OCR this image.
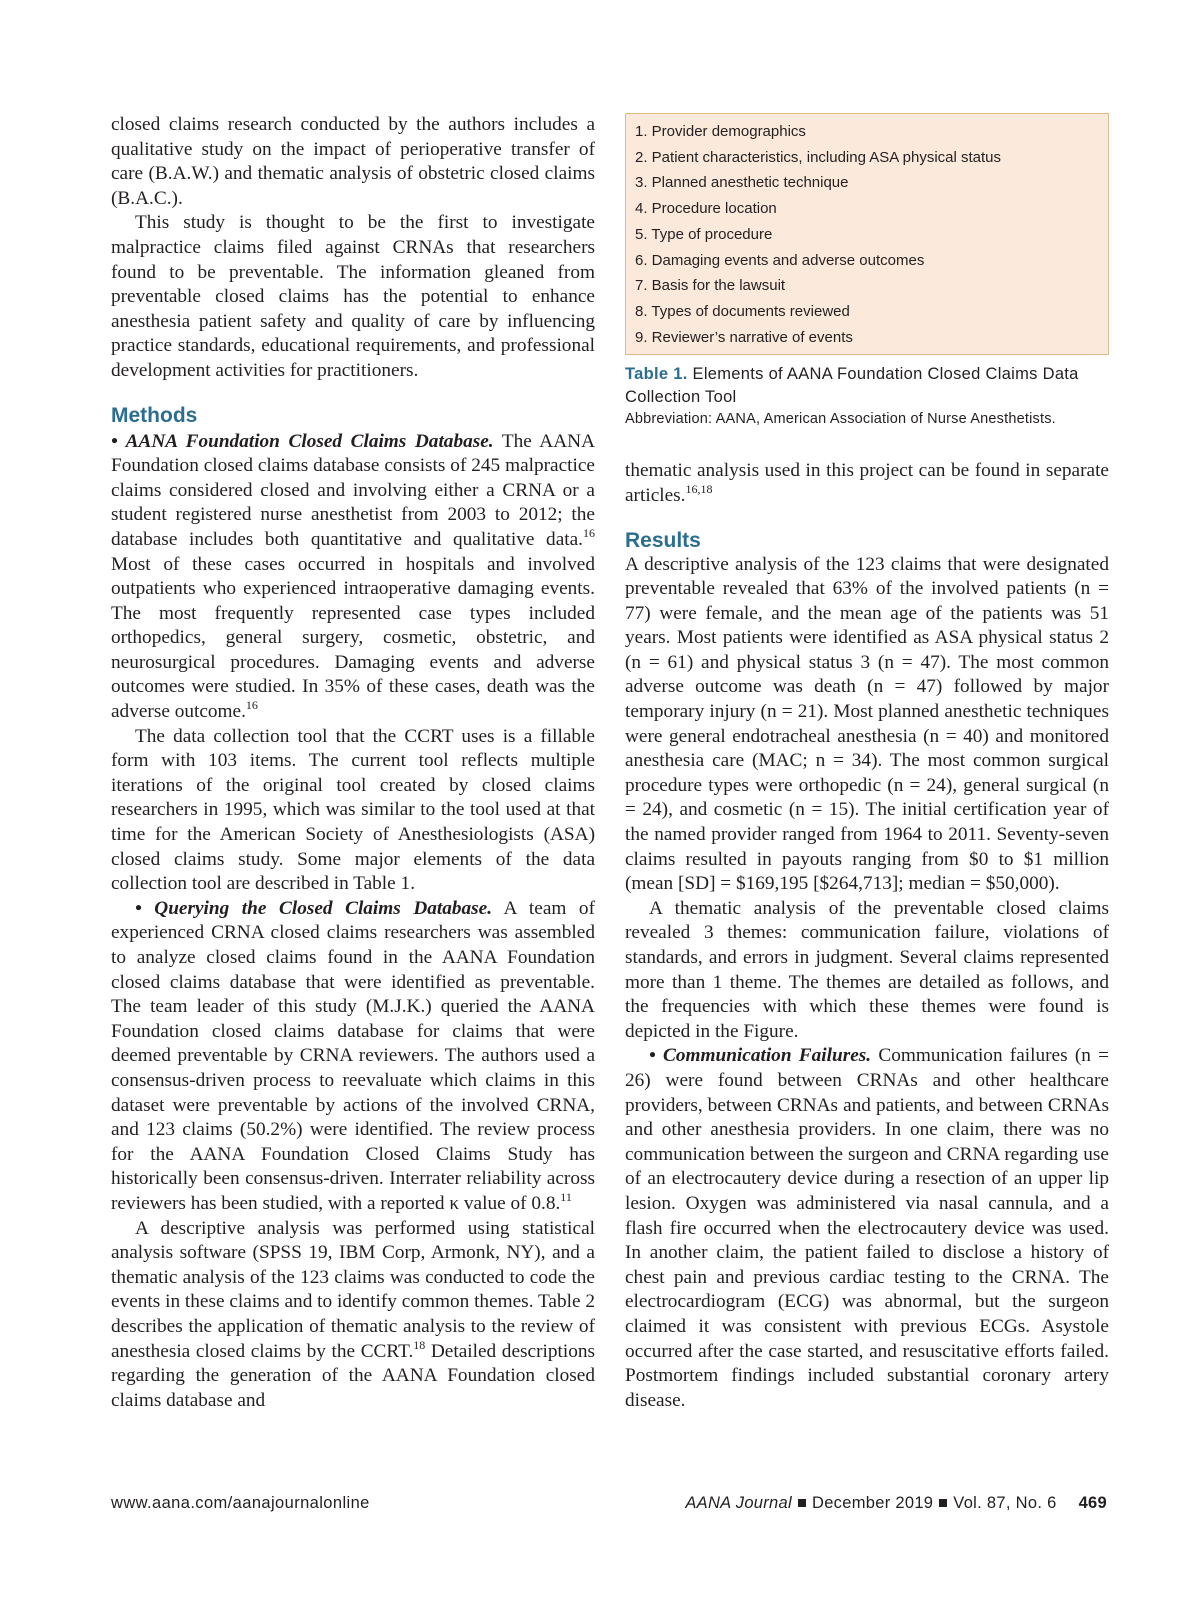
closed claims research conducted by the authors includes a qualitative study on the impact of perioperative transfer of care (B.A.W.) and thematic analysis of obstetric closed claims (B.A.C.).

This study is thought to be the first to investigate malpractice claims filed against CRNAs that researchers found to be preventable. The information gleaned from preventable closed claims has the potential to enhance anesthesia patient safety and quality of care by influencing practice standards, educational requirements, and professional development activities for practitioners.

Methods

• AANA Foundation Closed Claims Database. The AANA Foundation closed claims database consists of 245 malpractice claims considered closed and involving either a CRNA or a student registered nurse anesthetist from 2003 to 2012; the database includes both quantitative and qualitative data.$^{16}$ Most of these cases occurred in hospitals and involved outpatients who experienced intraoperative damaging events. The most frequently represented case types included orthopedics, general surgery, cosmetic, obstetric, and neurosurgical procedures. Damaging events and adverse outcomes were studied. In 35% of these cases, death was the adverse outcome.$^{16}$

The data collection tool that the CCRT uses is a fillable form with 103 items. The current tool reflects multiple iterations of the original tool created by closed claims researchers in 1995, which was similar to the tool used at that time for the American Society of Anesthesiologists (ASA) closed claims study. Some major elements of the data collection tool are described in Table 1.

• Querying the Closed Claims Database. A team of experienced CRNA closed claims researchers was assembled to analyze closed claims found in the AANA Foundation closed claims database that were identified as preventable. The team leader of this study (M.J.K.) queried the AANA Foundation closed claims database for claims that were deemed preventable by CRNA reviewers. The authors used a consensus-driven process to reevaluate which claims in this dataset were preventable by actions of the involved CRNA, and 123 claims (50.2%) were identified. The review process for the AANA Foundation Closed Claims Study has historically been consensus-driven. Interrater reliability across reviewers has been studied, with a reported κ value of 0.8.11

A descriptive analysis was performed using statistical analysis software (SPSS 19, IBM Corp, Armonk, NY), and a thematic analysis of the 123 claims was conducted to code the events in these claims and to identify common themes. Table 2 describes the application of thematic analysis to the review of anesthesia closed claims by the CCRT.$^{18}$ Detailed descriptions regarding the generation of the AANA Foundation closed claims database and

1. Provider demographics
2. Patient characteristics, including ASA physical status
3. Planned anesthetic technique
4. Procedure location
5. Type of procedure
6. Damaging events and adverse outcomes
7. Basis for the lawsuit
8. Types of documents reviewed
9. Reviewer’s narrative of events
Table 1. Elements of AANA Foundation Closed Claims Data Collection Tool
Abbreviation: AANA, American Association of Nurse Anesthetists.

thematic analysis used in this project can be found in separate articles.$^{16,18}$

Results

A descriptive analysis of the 123 claims that were designated preventable revealed that 63% of the involved patients (n = 77) were female, and the mean age of the patients was 51 years. Most patients were identified as ASA physical status 2 (n = 61) and physical status 3 (n = 47). The most common adverse outcome was death (n = 47) followed by major temporary injury (n = 21). Most planned anesthetic techniques were general endotracheal anesthesia (n = 40) and monitored anesthesia care (MAC; n = 34). The most common surgical procedure types were orthopedic (n = 24), general surgical (n = 24), and cosmetic (n = 15). The initial certification year of the named provider ranged from 1964 to 2011. Seventy-seven claims resulted in payouts ranging from $0 to $1 million (mean [SD] = $169,195 [$264,713]; median = $50,000).

A thematic analysis of the preventable closed claims revealed 3 themes: communication failure, violations of standards, and errors in judgment. Several claims represented more than 1 theme. The themes are detailed as follows, and the frequencies with which these themes were found is depicted in the Figure.

• Communication Failures. Communication failures (n = 26) were found between CRNAs and other healthcare providers, between CRNAs and patients, and between CRNAs and other anesthesia providers. In one claim, there was no communication between the surgeon and CRNA regarding use of an electrocautery device during a resection of an upper lip lesion. Oxygen was administered via nasal cannula, and a flash fire occurred when the electrocautery device was used. In another claim, the patient failed to disclose a history of chest pain and previous cardiac testing to the CRNA. The electrocardiogram (ECG) was abnormal, but the surgeon claimed it was consistent with previous ECGs. Asystole occurred after the case started, and resuscitative efforts failed. Postmortem findings included substantial coronary artery disease.

www.aana.com/aanajournalonline	AANA Journal December 2019 Vol. 87, No. 6 469
